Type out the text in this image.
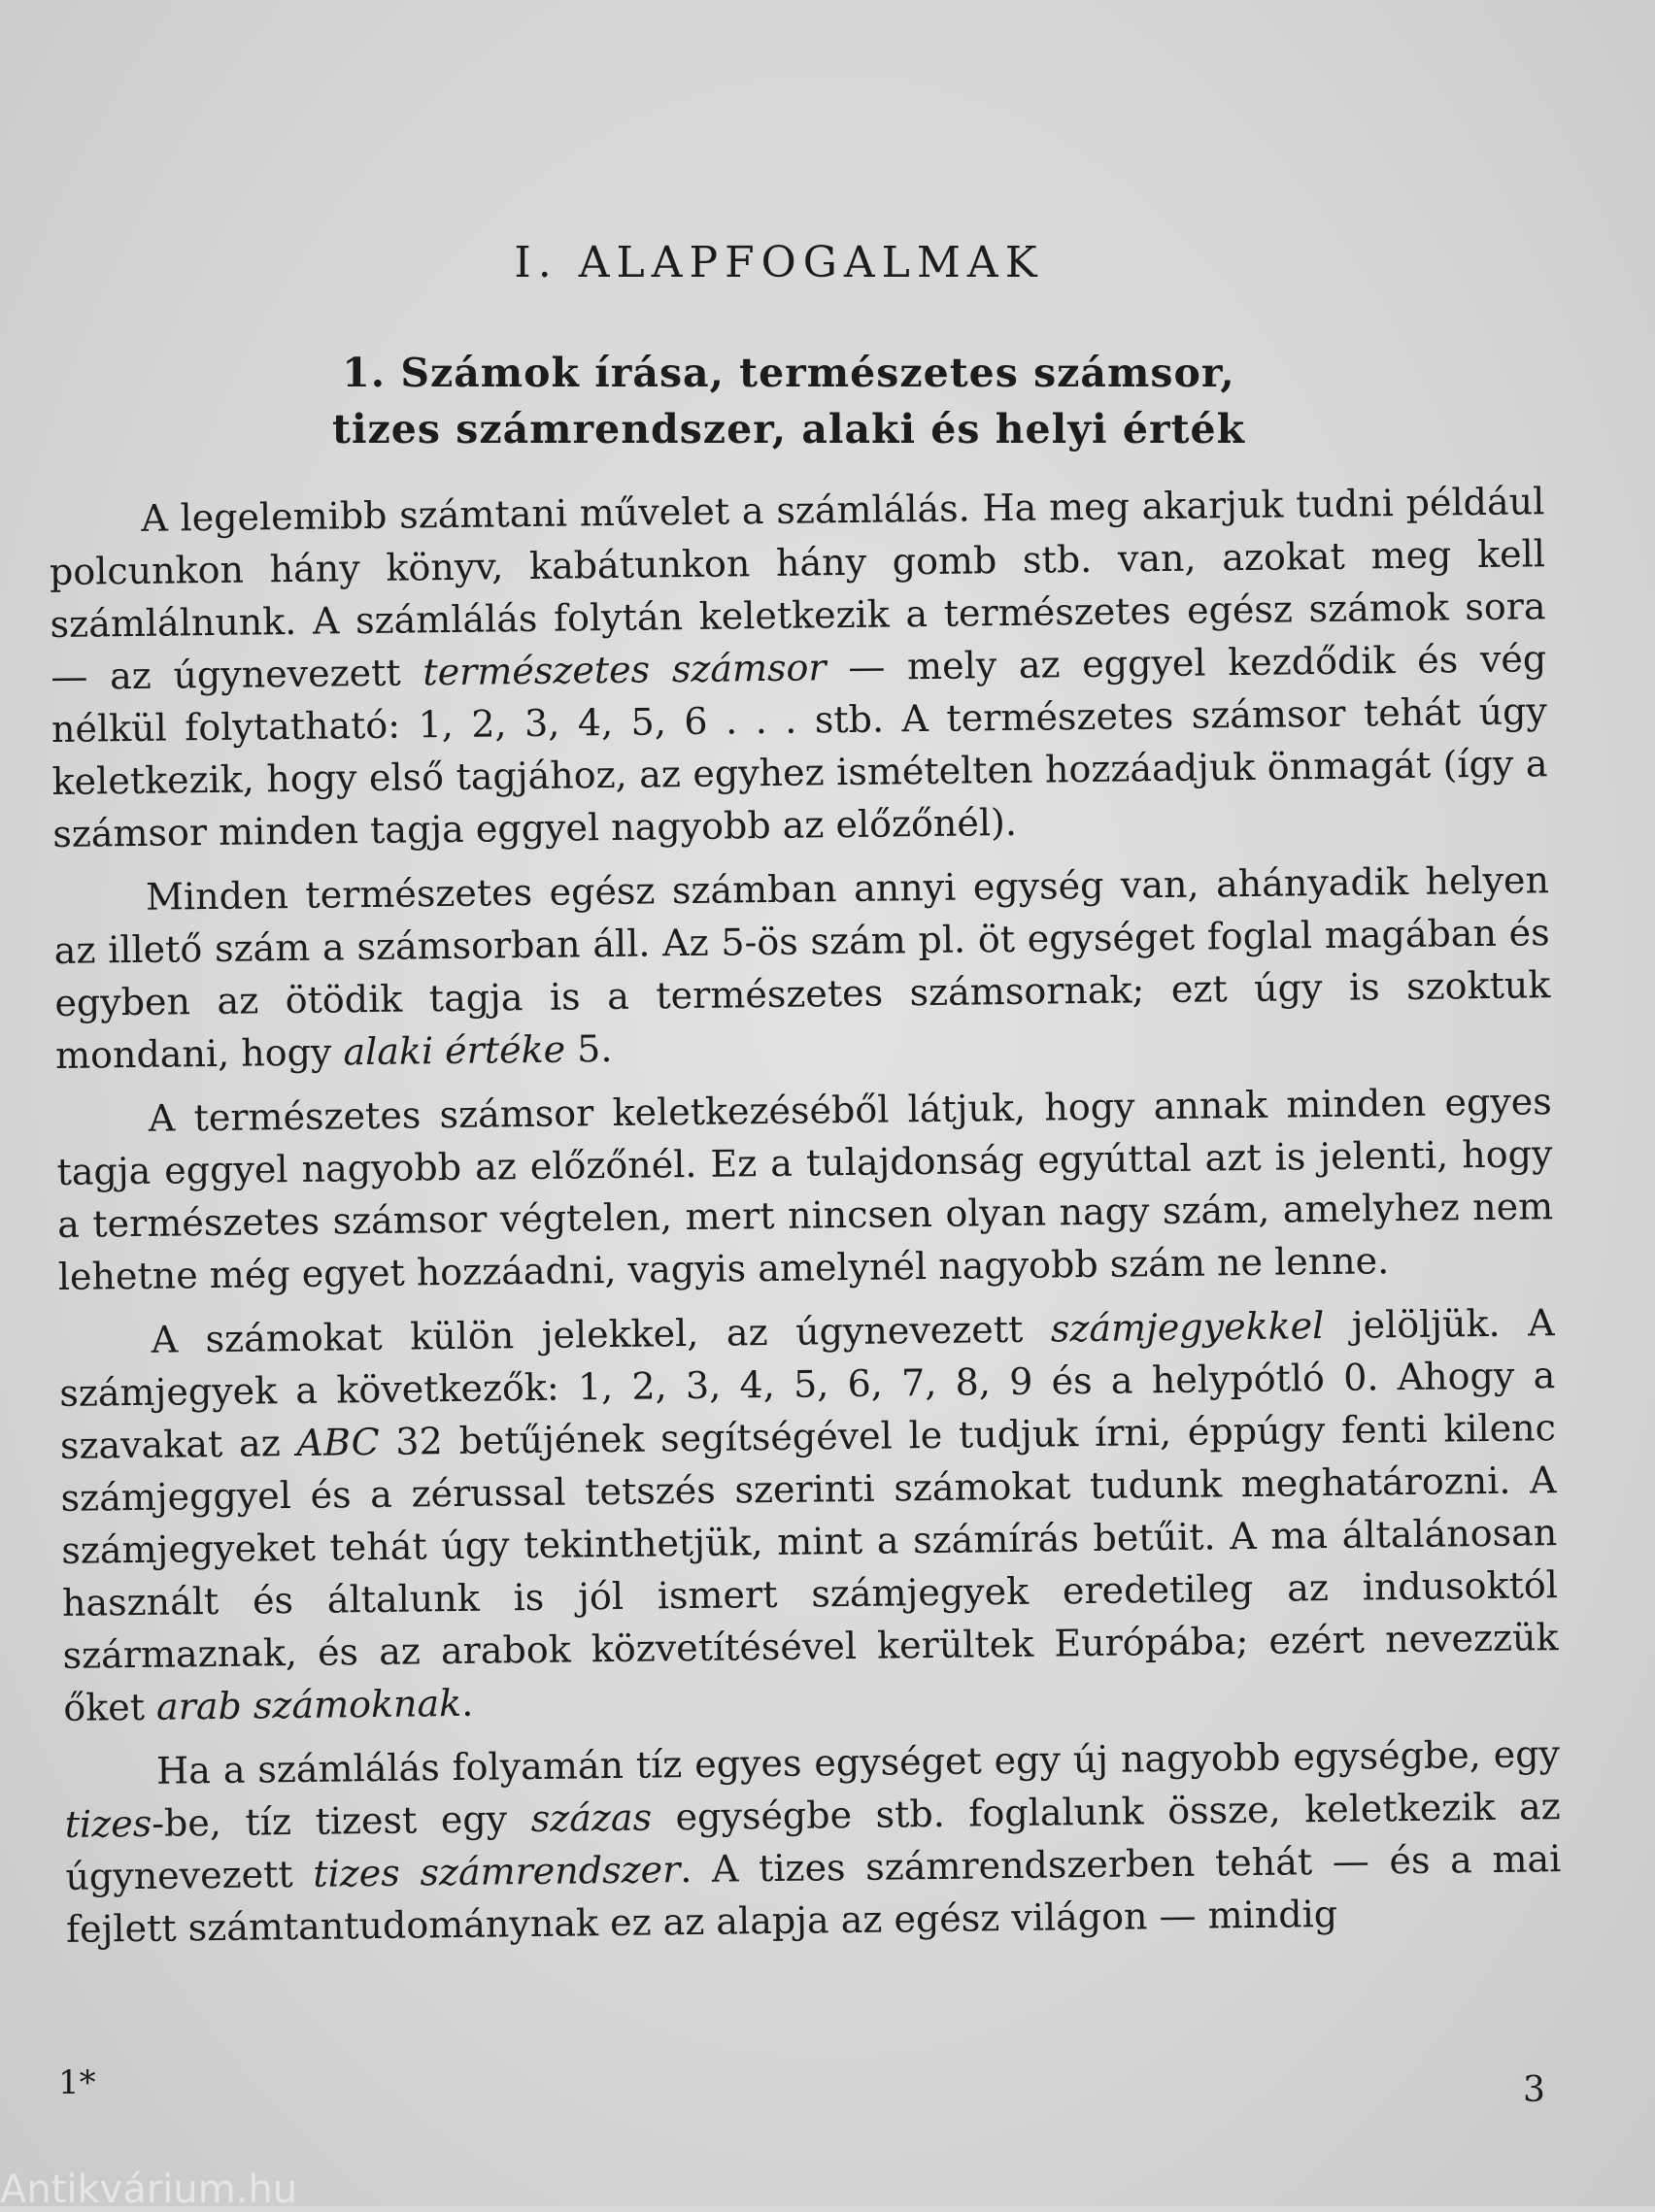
I. ALAPFOGALMAK
1. Számok írása, természetes számsor,
tizes számrendszer, alaki és helyi érték

A legelemibb számtani művelet a számlálás. Ha meg akarjuk tudni például polcunkon hány könyv, kabátunkon hány gomb stb. van, azokat meg kell számlálnunk. A számlálás folytán keletkezik a természetes egész számok sora — az úgynevezett természetes számsor — mely az eggyel kezdődik és vég nélkül folytatható: 1, 2, 3, 4, 5, 6 . . . stb. A természetes számsor tehát úgy keletkezik, hogy első tagjához, az egyhez ismételten hozzáadjuk önmagát (így a számsor minden tagja eggyel nagyobb az előzőnél).

Minden természetes egész számban annyi egység van, ahányadik helyen az illető szám a számsorban áll. Az 5-ös szám pl. öt egységet foglal magában és egyben az ötödik tagja is a természetes számsornak; ezt úgy is szoktuk mondani, hogy alaki értéke 5.

A természetes számsor keletkezéséből látjuk, hogy annak minden egyes tagja eggyel nagyobb az előzőnél. Ez a tulajdonság egyúttal azt is jelenti, hogy a természetes számsor végtelen, mert nincsen olyan nagy szám, amelyhez nem lehetne még egyet hozzáadni, vagyis amelynél nagyobb szám ne lenne.

A számokat külön jelekkel, az úgynevezett számjegyekkel jelöljük. A számjegyek a következők: 1, 2, 3, 4, 5, 6, 7, 8, 9 és a helypótló 0. Ahogy a szavakat az ABC 32 betűjének segítségével le tudjuk írni, éppúgy fenti kilenc számjeggyel és a zérussal tetszés szerinti számokat tudunk meghatározni. A számjegyeket tehát úgy tekinthetjük, mint a számírás betűit. A ma általánosan használt és általunk is jól ismert számjegyek eredetileg az indusoktól származnak, és az arabok közvetítésével kerültek Európába; ezért nevezzük őket arab számoknak.

Ha a számlálás folyamán tíz egyes egységet egy új nagyobb egységbe, egy tizes-be, tíz tizest egy százas egységbe stb. foglalunk össze, keletkezik az úgynevezett tizes számrendszer. A tizes számrendszerben tehát — és a mai fejlett számtantudománynak ez az alapja az egész világon — mindig

1*	3
Antikvárium.hu
